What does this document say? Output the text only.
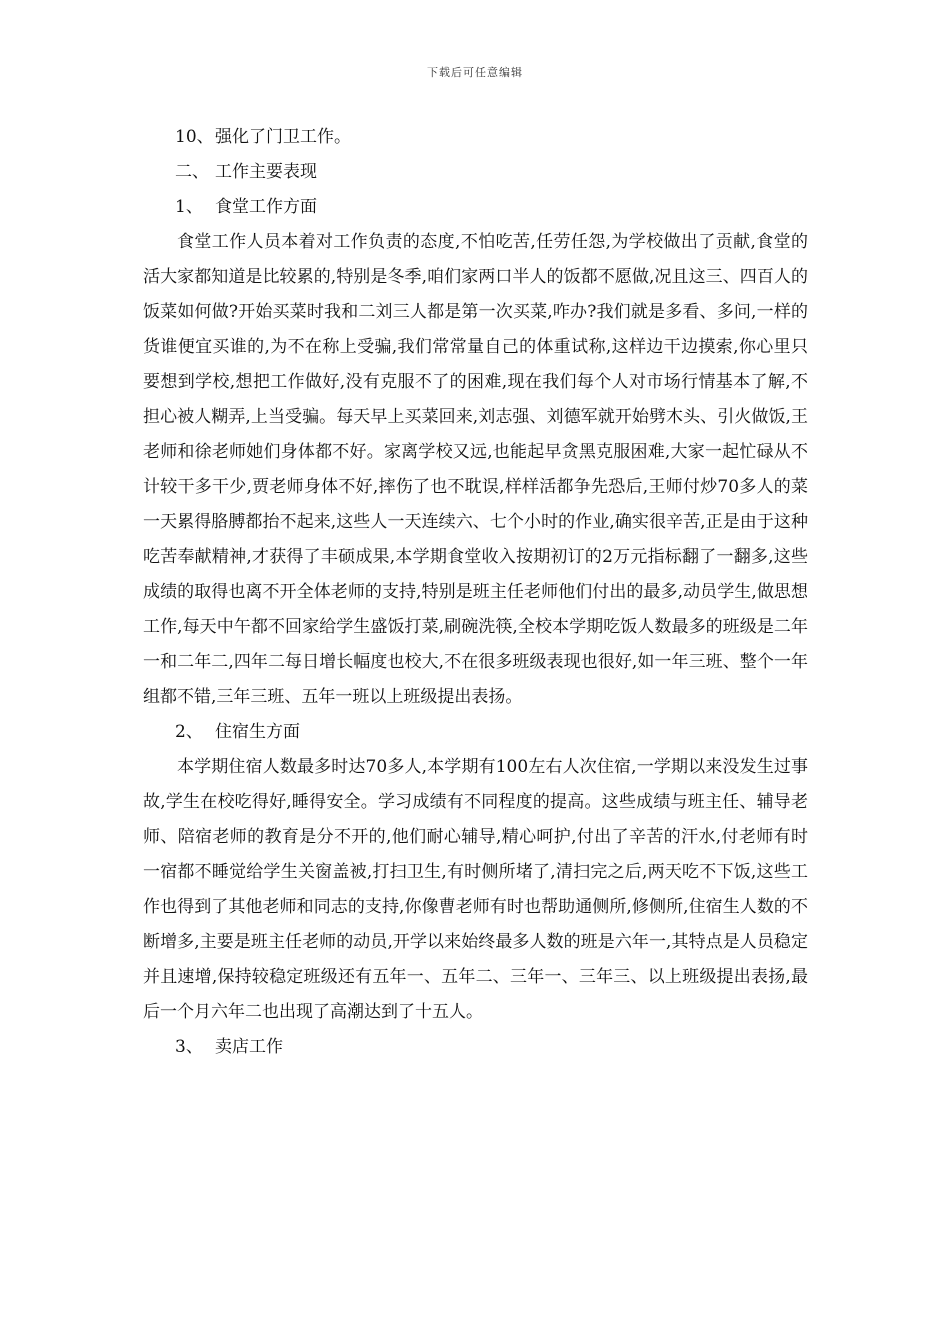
下载后可任意编辑
10、强化了门卫工作。
二、 工作主要表现
1、 食堂工作方面
食堂工作人员本着对工作负责的态度,不怕吃苦,任劳任怨,为学校做出了贡献,食堂的活大家都知道是比较累的,特别是冬季,咱们家两口半人的饭都不愿做,况且这三、四百人的饭菜如何做?开始买菜时我和二刘三人都是第一次买菜,咋办?我们就是多看、多问,一样的货谁便宜买谁的,为不在称上受骗,我们常常量自己的体重试称,这样边干边摸索,你心里只要想到学校,想把工作做好,没有克服不了的困难,现在我们每个人对市场行情基本了解,不担心被人糊弄,上当受骗。每天早上买菜回来,刘志强、刘德军就开始劈木头、引火做饭,王老师和徐老师她们身体都不好。家离学校又远,也能起早贪黑克服困难,大家一起忙碌从不计较干多干少,贾老师身体不好,摔伤了也不耽误,样样活都争先恐后,王师付炒70多人的菜一天累得胳膊都抬不起来,这些人一天连续六、七个小时的作业,确实很辛苦,正是由于这种吃苦奉献精神,才获得了丰硕成果,本学期食堂收入按期初订的2万元指标翻了一翻多,这些成绩的取得也离不开全体老师的支持,特别是班主任老师他们付出的最多,动员学生,做思想工作,每天中午都不回家给学生盛饭打菜,刷碗洗筷,全校本学期吃饭人数最多的班级是二年一和二年二,四年二每日增长幅度也校大,不在很多班级表现也很好,如一年三班、整个一年组都不错,三年三班、五年一班以上班级提出表扬。
2、 住宿生方面
本学期住宿人数最多时达70多人,本学期有100左右人次住宿,一学期以来没发生过事故,学生在校吃得好,睡得安全。学习成绩有不同程度的提高。这些成绩与班主任、辅导老师、陪宿老师的教育是分不开的,他们耐心辅导,精心呵护,付出了辛苦的汗水,付老师有时一宿都不睡觉给学生关窗盖被,打扫卫生,有时侧所堵了,清扫完之后,两天吃不下饭,这些工作也得到了其他老师和同志的支持,你像曹老师有时也帮助通侧所,修侧所,住宿生人数的不断增多,主要是班主任老师的动员,开学以来始终最多人数的班是六年一,其特点是人员稳定并且速增,保持较稳定班级还有五年一、五年二、三年一、三年三、以上班级提出表扬,最后一个月六年二也出现了高潮达到了十五人。
3、 卖店工作
